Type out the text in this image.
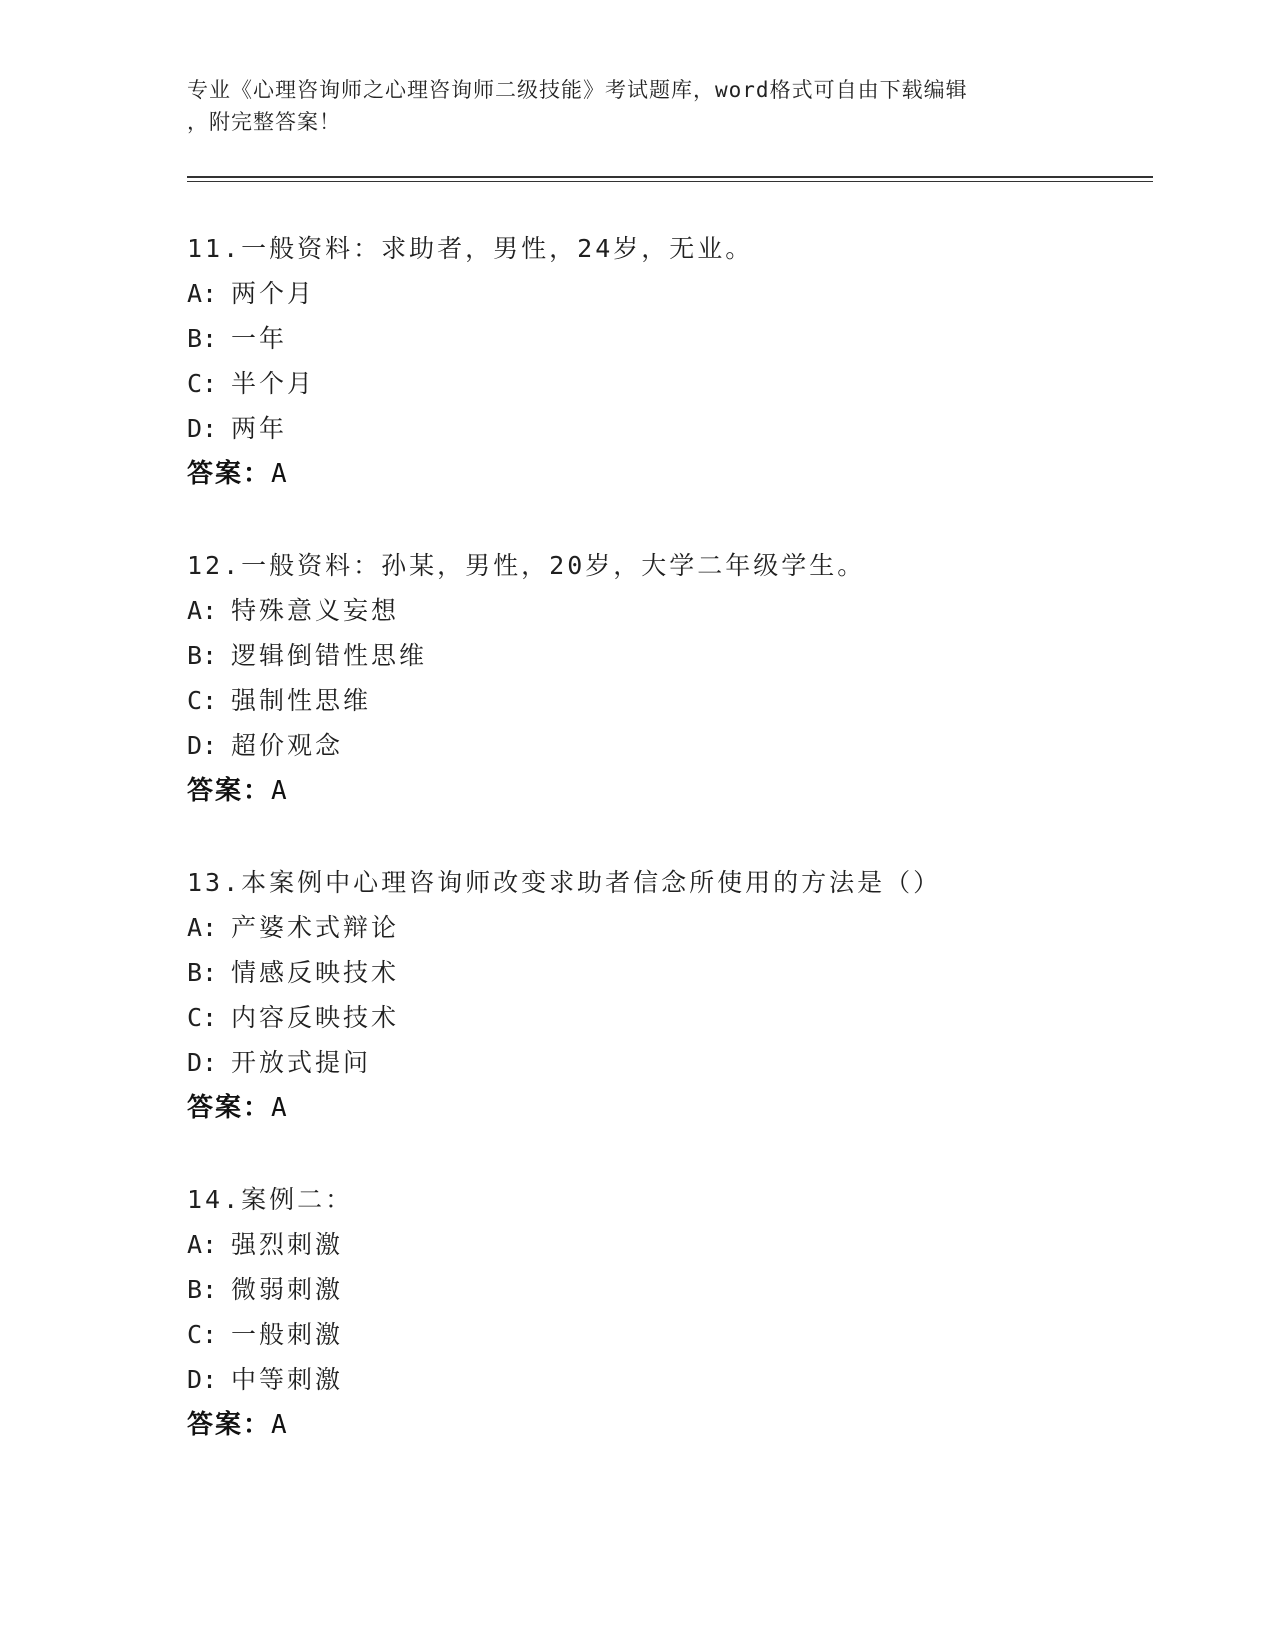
专业《心理咨询师之心理咨询师二级技能》考试题库，word格式可自由下载编辑
，附完整答案！
11.一般资料：求助者，男性，24岁，无业。
A: 两个月
B: 一年
C: 半个月
D: 两年
答案：A
12.一般资料：孙某，男性，20岁，大学二年级学生。
A: 特殊意义妄想
B: 逻辑倒错性思维
C: 强制性思维
D: 超价观念
答案：A
13.本案例中心理咨询师改变求助者信念所使用的方法是（）
A: 产婆术式辩论
B: 情感反映技术
C: 内容反映技术
D: 开放式提问
答案：A
14.案例二：
A: 强烈刺激
B: 微弱刺激
C: 一般刺激
D: 中等刺激
答案：A
